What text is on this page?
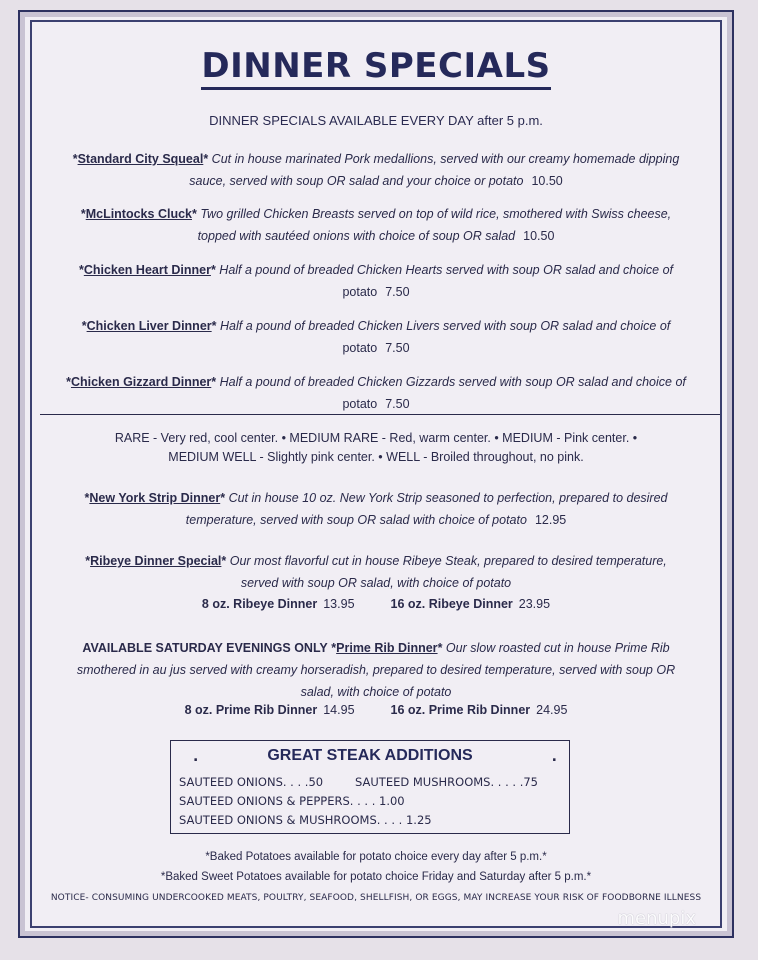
DINNER SPECIALS
DINNER SPECIALS AVAILABLE EVERY DAY after 5 p.m.
*Standard City Squeal* Cut in house marinated Pork medallions, served with our creamy homemade dipping
sauce, served with soup OR salad and your choice or potato 10.50
*McLintocks Cluck* Two grilled Chicken Breasts served on top of wild rice, smothered with Swiss cheese,
topped with sautéed onions with choice of soup OR salad 10.50
*Chicken Heart Dinner* Half a pound of breaded Chicken Hearts served with soup OR salad and choice of
potato 7.50
*Chicken Liver Dinner* Half a pound of breaded Chicken Livers served with soup OR salad and choice of
potato 7.50
*Chicken Gizzard Dinner* Half a pound of breaded Chicken Gizzards served with soup OR salad and choice of
potato 7.50
RARE - Very red, cool center. • MEDIUM RARE - Red, warm center. • MEDIUM - Pink center. •
MEDIUM WELL - Slightly pink center. • WELL - Broiled throughout, no pink.
*New York Strip Dinner* Cut in house 10 oz. New York Strip seasoned to perfection, prepared to desired
temperature, served with soup OR salad with choice of potato 12.95
*Ribeye Dinner Special* Our most flavorful cut in house Ribeye Steak, prepared to desired temperature,
served with soup OR salad, with choice of potato
8 oz. Ribeye Dinner 13.95	16 oz. Ribeye Dinner 23.95
AVAILABLE SATURDAY EVENINGS ONLY *Prime Rib Dinner* Our slow roasted cut in house Prime Rib
smothered in au jus served with creamy horseradish, prepared to desired temperature, served with soup OR
salad, with choice of potato
8 oz. Prime Rib Dinner 14.95	16 oz. Prime Rib Dinner 24.95
.	GREAT STEAK ADDITIONS	.
SAUTEED ONIONS. . . .50	SAUTEED MUSHROOMS. . . . .75
SAUTEED ONIONS & PEPPERS. . . . 1.00
SAUTEED ONIONS & MUSHROOMS. . . . 1.25
*Baked Potatoes available for potato choice every day after 5 p.m.*
*Baked Sweet Potatoes available for potato choice Friday and Saturday after 5 p.m.*
NOTICE- CONSUMING UNDERCOOKED MEATS, POULTRY, SEAFOOD, SHELLFISH, OR EGGS, MAY INCREASE YOUR RISK OF FOODBORNE ILLNESS
menupix
